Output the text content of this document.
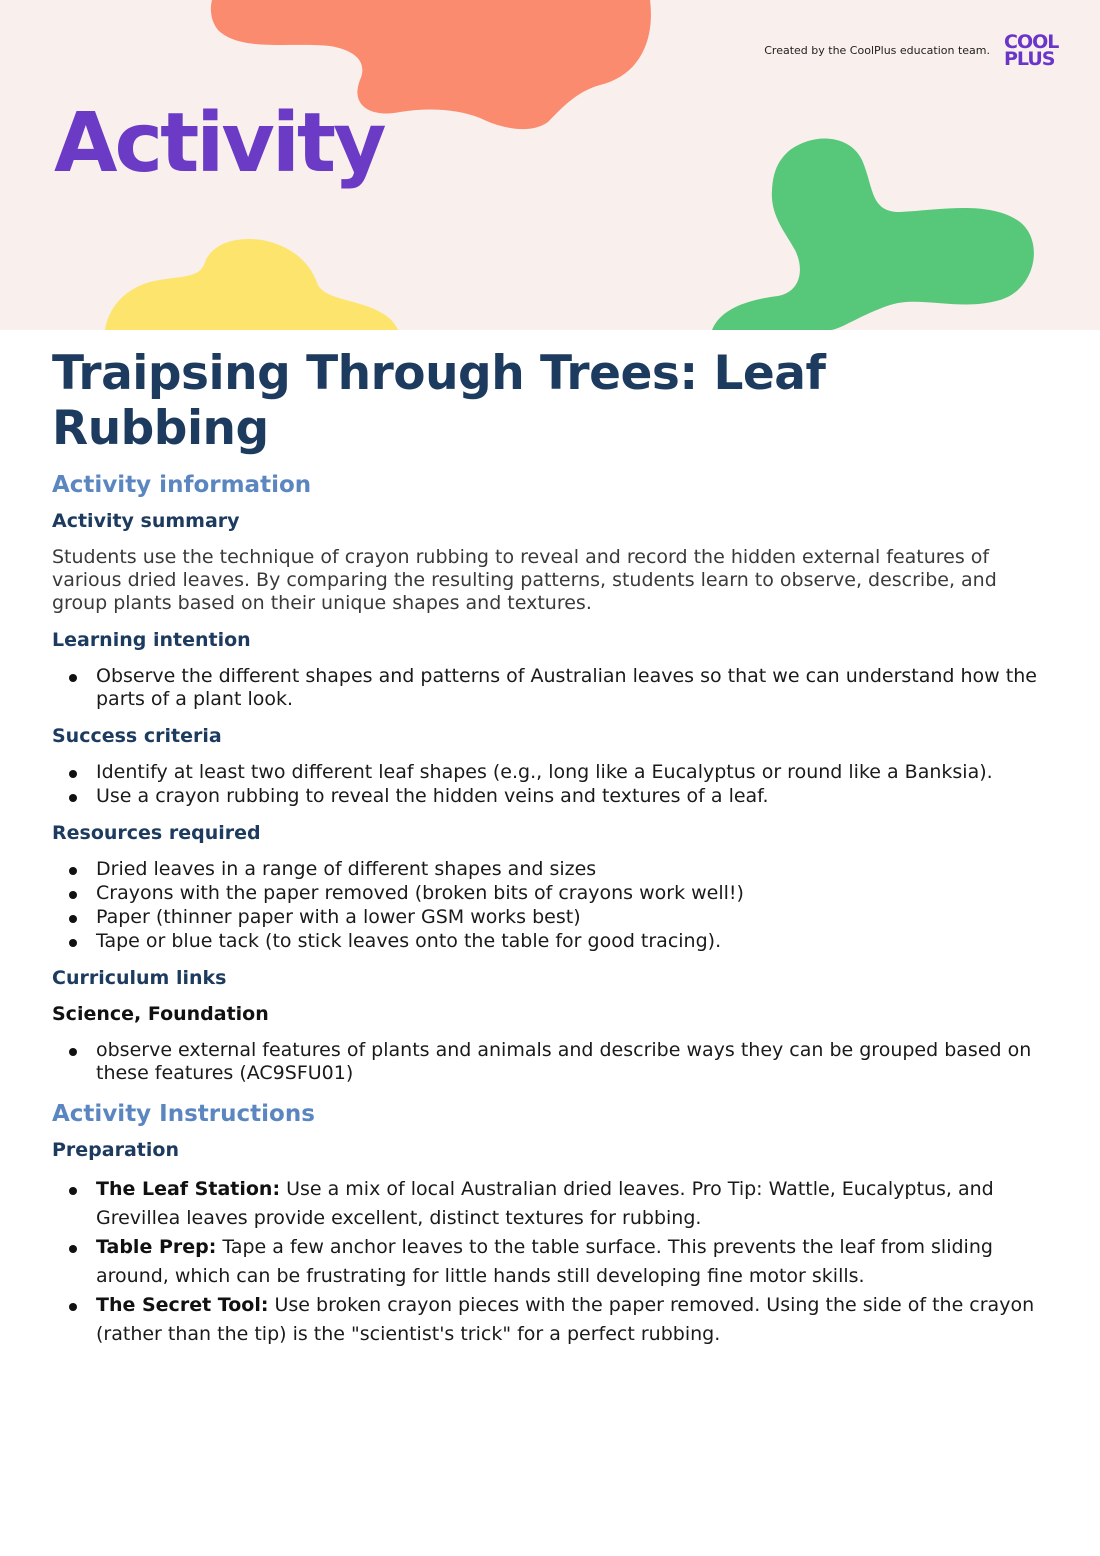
Created by the CoolPlus education team. COOL
PLUS
Activity
Traipsing Through Trees: Leaf Rubbing
Activity information
Activity summary

Students use the technique of crayon rubbing to reveal and record the hidden external features of various dried leaves. By comparing the resulting patterns, students learn to observe, describe, and group plants based on their unique shapes and textures.

Learning intention
Observe the different shapes and patterns of Australian leaves so that we can understand how the parts of a plant look.
Success criteria
Identify at least two different leaf shapes (e.g., long like a Eucalyptus or round like a Banksia).
Use a crayon rubbing to reveal the hidden veins and textures of a leaf.
Resources required
Dried leaves in a range of different shapes and sizes
Crayons with the paper removed (broken bits of crayons work well!)
Paper (thinner paper with a lower GSM works best)
Tape or blue tack (to stick leaves onto the table for good tracing).
Curriculum links
Science, Foundation
observe external features of plants and animals and describe ways they can be grouped based on these features (AC9SFU01)
Activity Instructions
Preparation
The Leaf Station: Use a mix of local Australian dried leaves. Pro Tip: Wattle, Eucalyptus, and Grevillea leaves provide excellent, distinct textures for rubbing.
Table Prep: Tape a few anchor leaves to the table surface. This prevents the leaf from sliding around, which can be frustrating for little hands still developing fine motor skills.
The Secret Tool: Use broken crayon pieces with the paper removed. Using the side of the crayon (rather than the tip) is the "scientist's trick" for a perfect rubbing.
